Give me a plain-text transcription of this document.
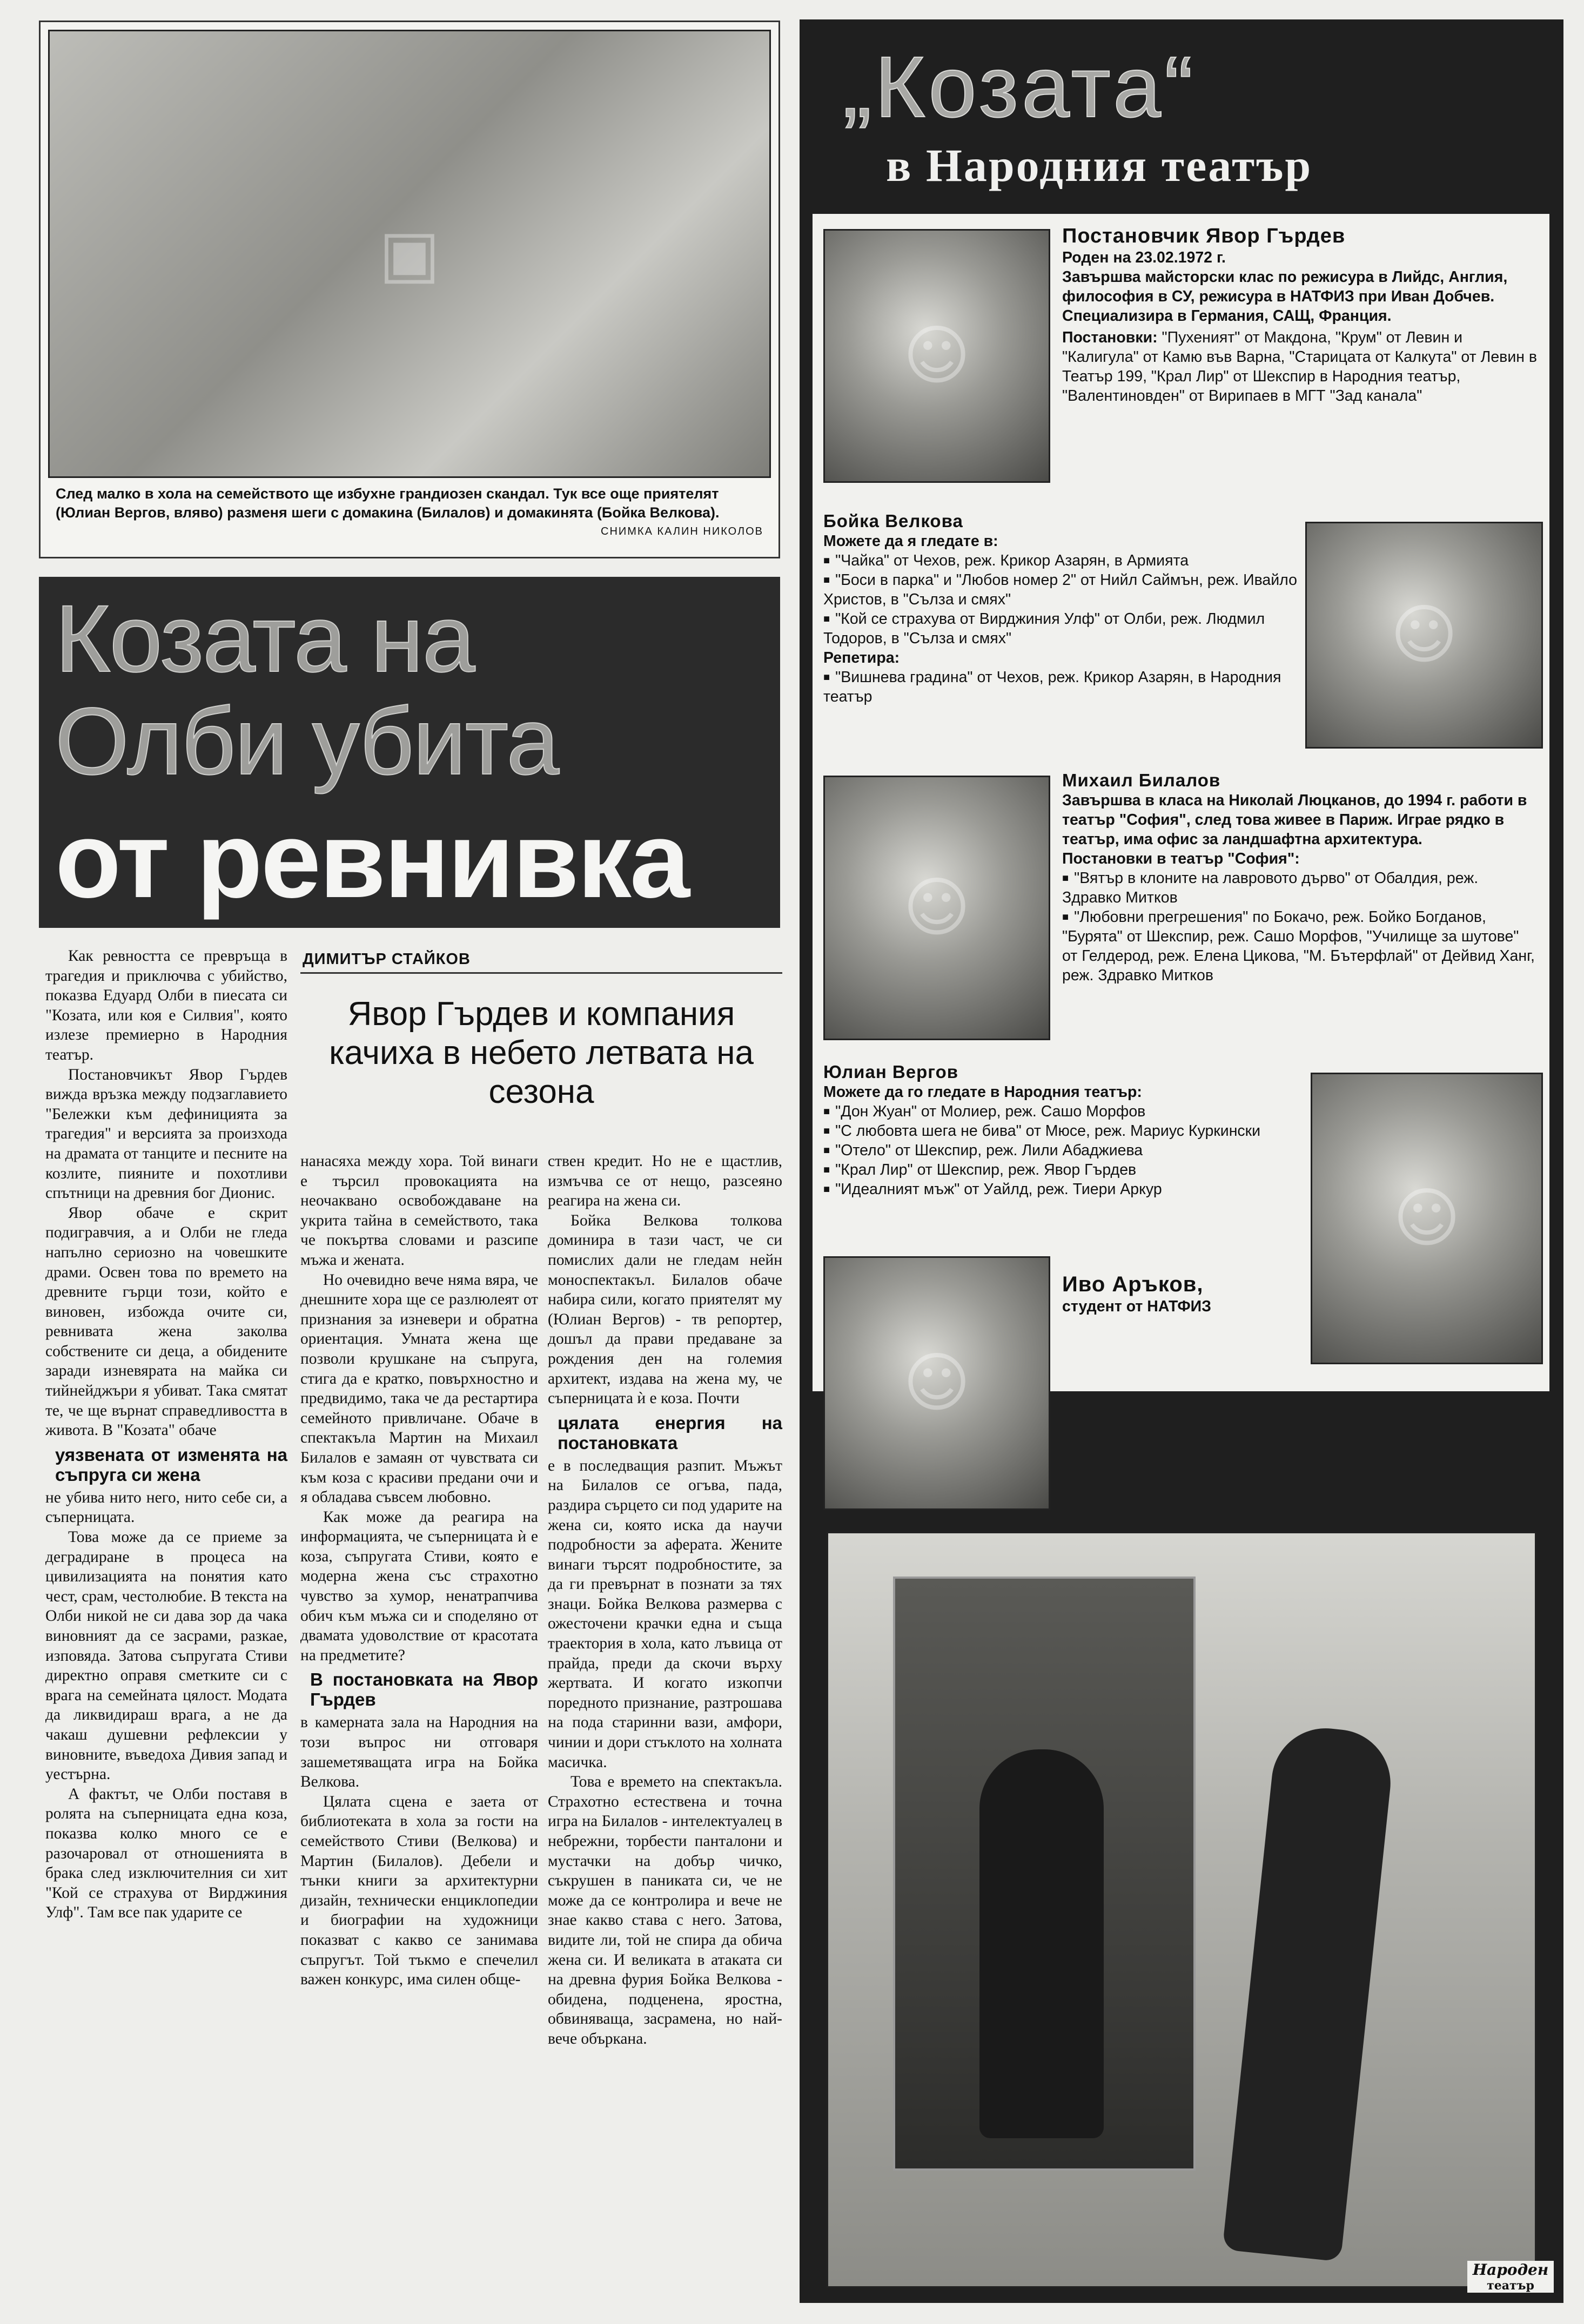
▣
След малко в хола на семейството ще избухне грандиозен скандал. Тук все още приятелят (Юлиан Вергов, вляво) разменя шеги с домакина (Билалов) и домакинята (Бойка Велкова).
СНИМКА КАЛИН НИКОЛОВ
Козата на
Олби убита
от ревнивка
ДИМИТЪР СТАЙКОВ
Явор Гърдев и компания качиха в небето летвата на сезона

Как ревността се превръща в трагедия и приключва с убийство, показва Едуард Олби в пиесата си "Козата, или коя е Силвия", която излезе премиерно в Народния театър.

Постановчикът Явор Гърдев вижда връзка между подзаглавието "Бележки към дефиницията за трагедия" и версията за произхода на драмата от танците и песните на козлите, пияните и похотливи спътници на древния бог Дионис.

Явор обаче е скрит подигравчия, а и Олби не гледа напълно сериозно на човешките драми. Освен това по времето на древните гърци този, който е виновен, избожда очите си, ревнивата жена заколва собствените си деца, а обидените заради изневярата на майка си тийнейджъри я убиват. Така смятат те, че ще върнат справедливостта в живота. В "Козата" обаче

уязвената от изменята на съпруга си жена

не убива нито него, нито себе си, а съперницата.

Това може да се приеме за деградиране в процеса на цивилизацията на понятия като чест, срам, честолюбие. В текста на Олби никой не си дава зор да чака виновният да се засрами, разкае, изповяда. Затова съпругата Стиви директно оправя сметките си с врага на семейната цялост. Модата да ликвидираш врага, а не да чакаш душевни рефлексии у виновните, въведоха Дивия запад и уестърна.

А фактът, че Олби поставя в ролята на съперницата една коза, показва колко много се е разочаровал от отношенията в брака след изключителния си хит "Кой се страхува от Вирджиния Улф". Там все пак ударите се

нанасяха между хора. Той винаги е търсил провокацията на неочаквано освобождаване на укрита тайна в семейството, така че покъртва словами и разсипе мъжа и жената.

Но очевидно вече няма вяра, че днешните хора ще се разлюлеят от признания за изневери и обратна ориентация. Умната жена ще позволи крушкане на съпруга, стига да е кратко, повърхностно и предвидимо, така че да рестартира семейното привличане. Обаче в спектакъла Мартин на Михаил Билалов е замаян от чувствата си към коза с красиви предани очи и я обладава съвсем любовно.

Как може да реагира на информацията, че съперницата ѝ е коза, съпругата Стиви, която е модерна жена със страхотно чувство за хумор, ненатрапчива обич към мъжа си и споделяно от двамата удоволствие от красотата на предметите?

В постановката на Явор Гърдев

в камерната зала на Народния на този въпрос ни отговаря зашеметяващата игра на Бойка Велкова.

Цялата сцена е заета от библиотеката в хола за гости на семейството Стиви (Велкова) и Мартин (Билалов). Дебели и тънки книги за архитектурни дизайн, технически енциклопедии и биографии на художници показват с какво се занимава съпругът. Той тъкмо е спечелил важен конкурс, има силен обще-

ствен кредит. Но не е щастлив, измъчва се от нещо, разсеяно реагира на жена си.

Бойка Велкова толкова доминира в тази част, че си помислих дали не гледам нейн моноспектакъл. Билалов обаче набира сили, когато приятелят му (Юлиан Вергов) - тв репортер, дошъл да прави предаване за рождения ден на големия архитект, издава на жена му, че съперницата ѝ е коза. Почти

цялата енергия на постановката

е в последващия разпит. Мъжът на Билалов се огъва, пада, раздира сърцето си под ударите на жена си, която иска да научи подробности за аферата. Жените винаги търсят подробностите, за да ги превърнат в познати за тях знаци. Бойка Велкова размерва с ожесточени крачки една и съща траектория в хола, като лъвица от прайда, преди да скочи върху жертвата. И когато изкопчи поредното признание, разтрошава на пода старинни вази, амфори, чинии и дори стъклото на холната масичка.

Това е времето на спектакъла. Страхотно естествена и точна игра на Билалов - интелектуалец в небрежни, торбести панталони и мустачки на добър чичко, съкрушен в паниката си, че не може да се контролира и вече не знае какво става с него. Затова, видите ли, той не спира да обича жена си. И великата в атаката си на древна фурия Бойка Велкова - обидена, подценена, яростна, обвиняваща, засрамена, но най-вече объркана.

„Козата“
в Народния театър
☺
Постановчик Явор Гърдев
Роден на 23.02.1972 г.
Завършва майсторски клас по режисура в Лийдс, Англия, философия в СУ, режисура в НАТФИЗ при Иван Добчев. Специализира в Германия, САЩ, Франция.
Постановки: "Пухеният" от Макдона, "Крум" от Левин и "Калигула" от Камю във Варна, "Старицата от Калкута" от Левин в Театър 199, "Крал Лир" от Шекспир в Народния театър, "Валентиновден" от Вирипаев в МГТ "Зад канала"
Бойка Велкова
Можете да я гледате в:
■ "Чайка" от Чехов, реж. Крикор Азарян, в Армията
■ "Боси в парка" и "Любов номер 2" от Нийл Саймън, реж. Ивайло Христов, в "Сълза и смях"
■ "Кой се страхува от Вирджиния Улф" от Олби, реж. Людмил Тодоров, в "Сълза и смях"
Репетира:
■ "Вишнева градина" от Чехов, реж. Крикор Азарян, в Народния театър
☺
☺
Михаил Билалов
Завършва в класа на Николай Люцканов, до 1994 г. работи в театър "София", след това живее в Париж. Играе рядко в театър, има офис за ландшафтна архитектура.
Постановки в театър "София":
■ "Вятър в клоните на лавровото дърво" от Обалдия, реж. Здравко Митков
■ "Любовни прегрешения" по Бокачо, реж. Бойко Богданов, "Бурята" от Шекспир, реж. Сашо Морфов, "Училище за шутове" от Гелдерод, реж. Елена Цикова, "М. Бътерфлай" от Дейвид Ханг, реж. Здравко Митков
Юлиан Вергов
Можете да го гледате в Народния театър:
■ "Дон Жуан" от Молиер, реж. Сашо Морфов
■ "С любовта шега не бива" от Мюсе, реж. Мариус Куркински
■ "Отело" от Шекспир, реж. Лили Абаджиева
■ "Крал Лир" от Шекспир, реж. Явор Гърдев
■ "Идеалният мъж" от Уайлд, реж. Тиери Аркур	☺
Иво Аръков,
студент от НАТФИЗ
☺
Народен
театър
